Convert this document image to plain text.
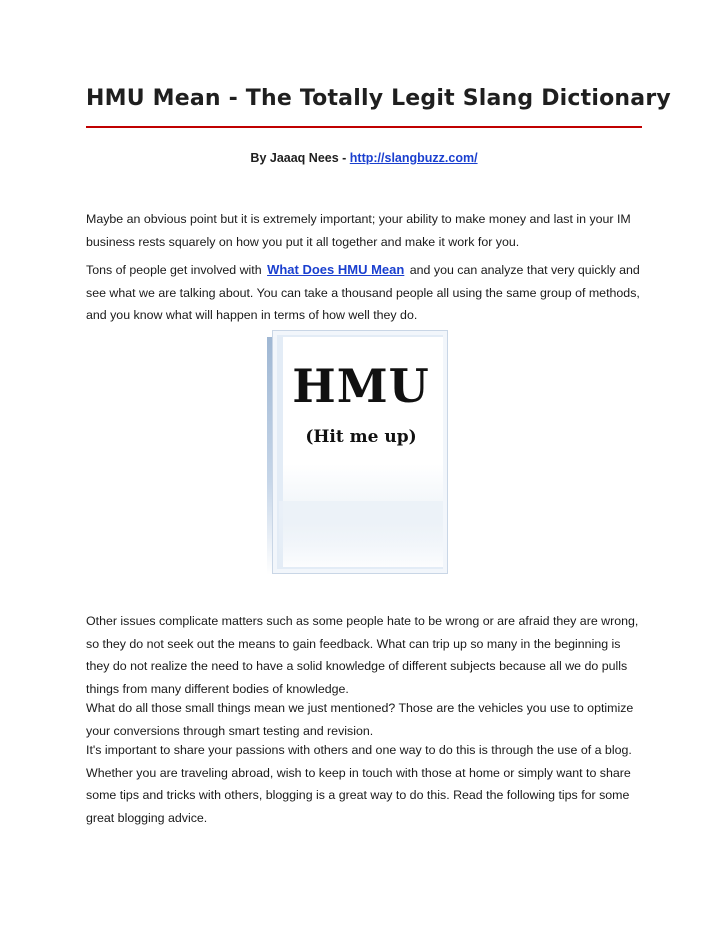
HMU Mean - The Totally Legit Slang Dictionary
By Jaaaq Nees - http://slangbuzz.com/

Maybe an obvious point but it is extremely important; your ability to make money and last in your IM business rests squarely on how you put it all together and make it work for you.

Tons of people get involved with What Does HMU Mean and you can analyze that very quickly and see what we are talking about. You can take a thousand people all using the same group of methods, and you know what will happen in terms of how well they do.

HMU
(Hit me up)

Other issues complicate matters such as some people hate to be wrong or are afraid they are wrong, so they do not seek out the means to gain feedback. What can trip up so many in the beginning is they do not realize the need to have a solid knowledge of different subjects because all we do pulls things from many different bodies of knowledge.

What do all those small things mean we just mentioned? Those are the vehicles you use to optimize your conversions through smart testing and revision.

It's important to share your passions with others and one way to do this is through the use of a blog. Whether you are traveling abroad, wish to keep in touch with those at home or simply want to share some tips and tricks with others, blogging is a great way to do this. Read the following tips for some great blogging advice.
